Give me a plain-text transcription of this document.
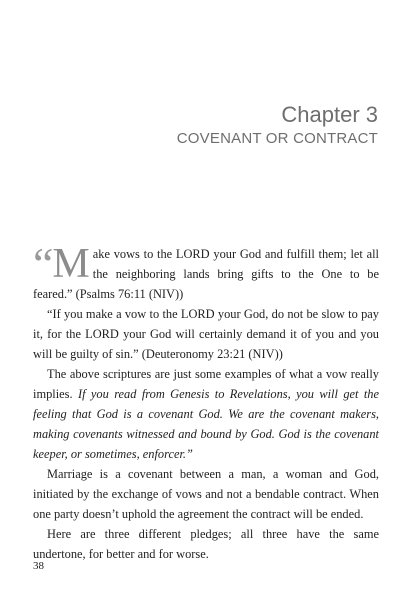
Chapter 3
COVENANT OR CONTRACT

“ M ake vows to the LORD your God and fulfill them; let all the neighboring lands bring gifts to the One to be feared.” (Psalms 76:11 (NIV))

“If you make a vow to the LORD your God, do not be slow to pay it, for the LORD your God will certainly demand it of you and you will be guilty of sin.” (Deuteronomy 23:21 (NIV))

The above scriptures are just some examples of what a vow really implies. If you read from Genesis to Revelations, you will get the feeling that God is a covenant God. We are the covenant makers, making covenants witnessed and bound by God. God is the covenant keeper, or sometimes, enforcer.”

Marriage is a covenant between a man, a woman and God, initiated by the exchange of vows and not a bendable contract. When one party doesn’t uphold the agreement the contract will be ended.

Here are three different pledges; all three have the same undertone, for better and for worse.

38
